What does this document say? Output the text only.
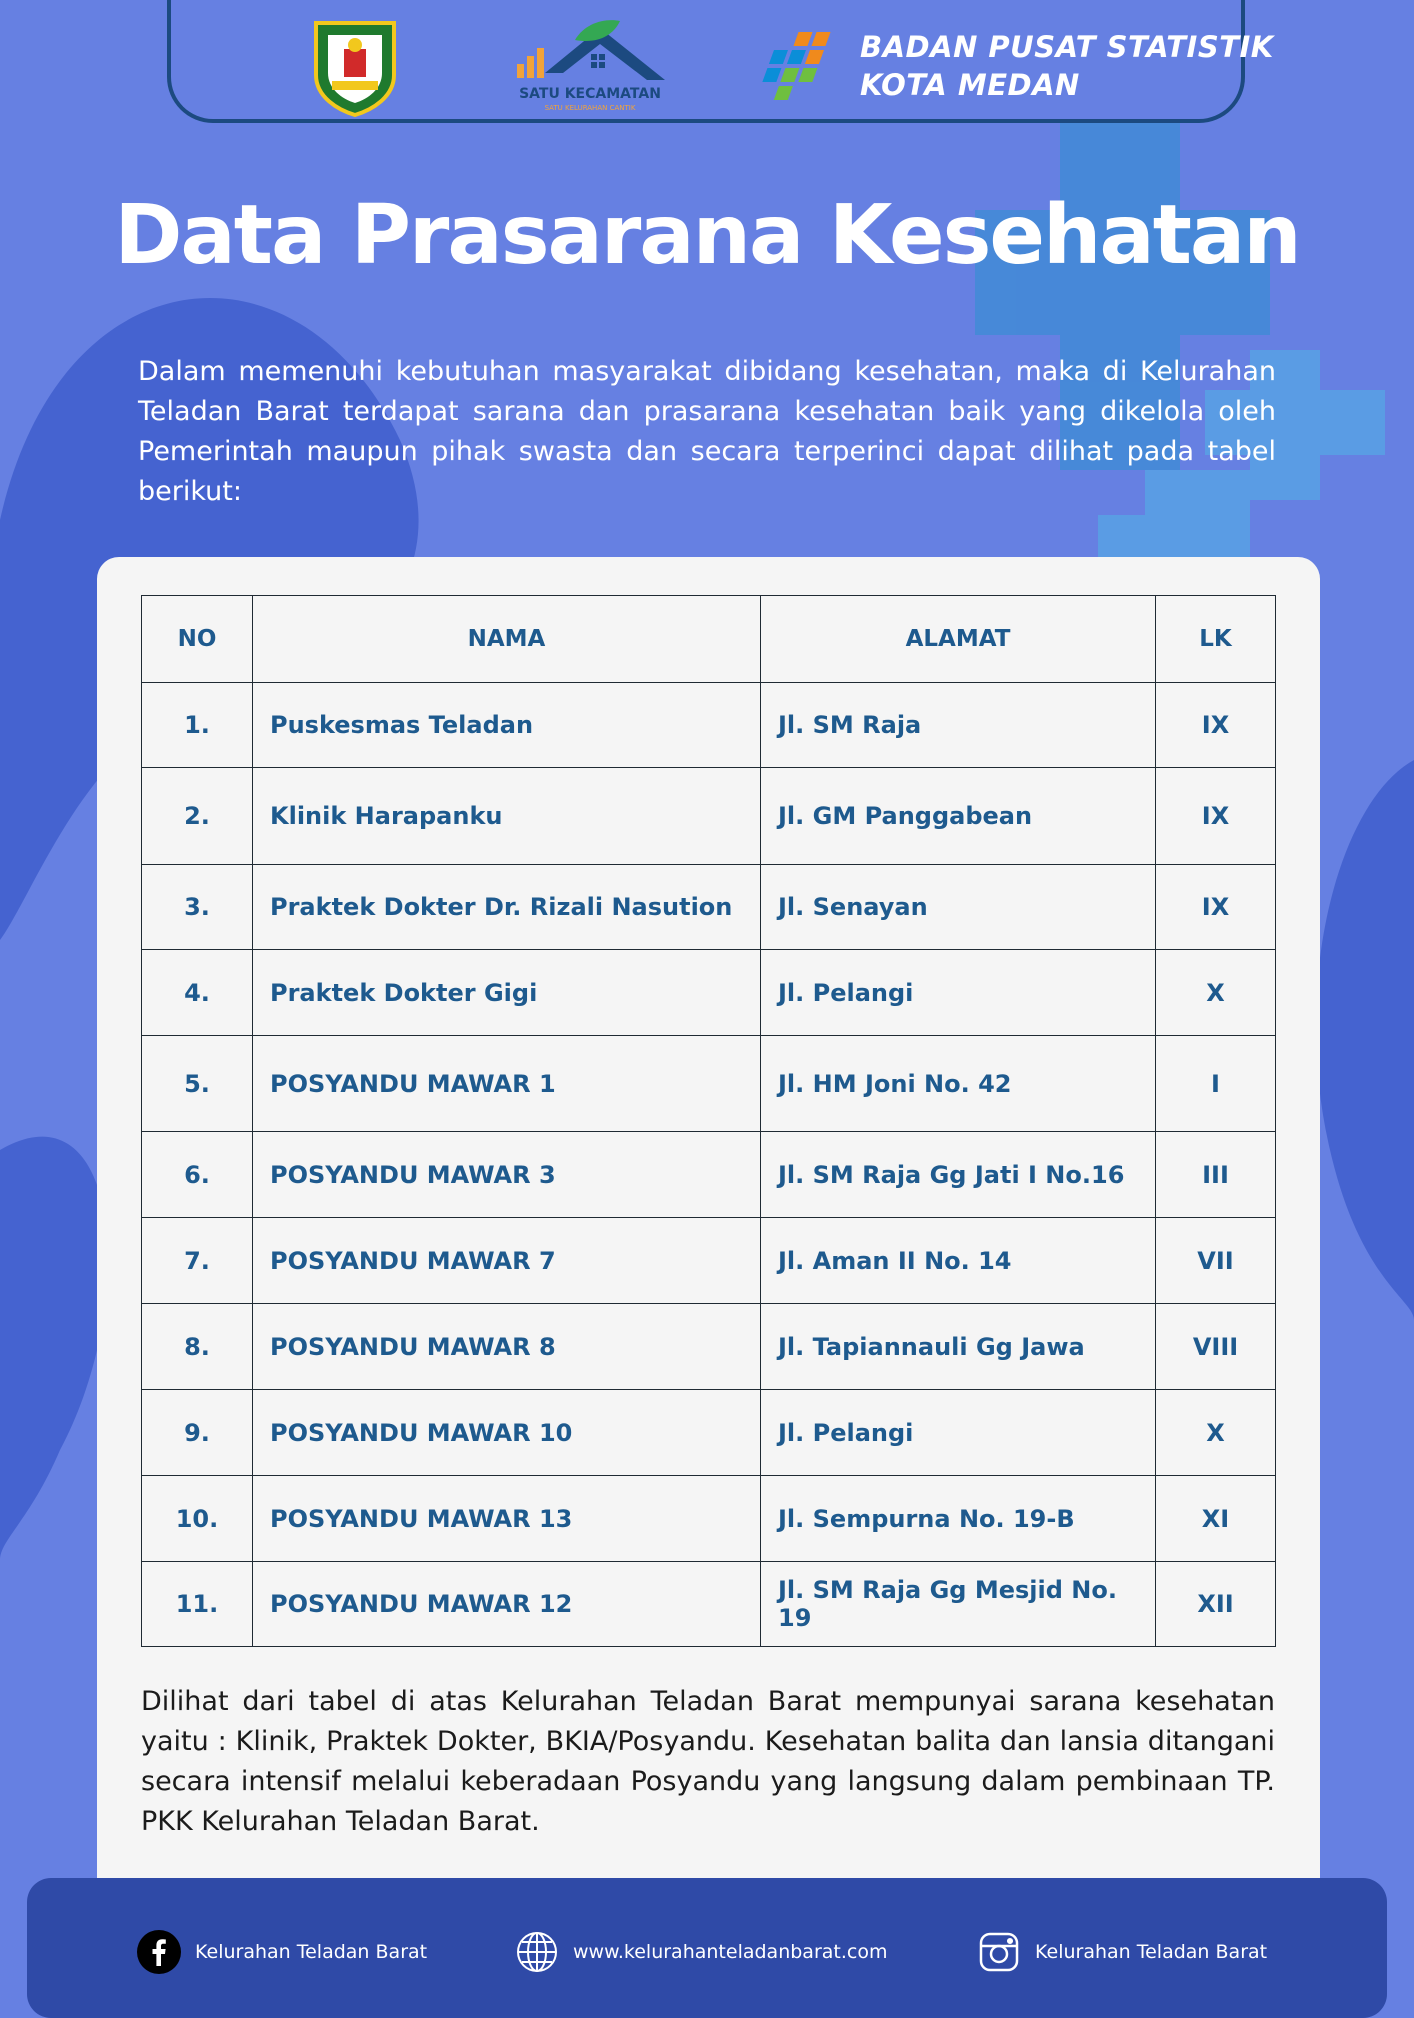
SATU KECAMATAN
SATU KELURAHAN CANTIK
BADAN PUSAT STATISTIK
KOTA MEDAN
Data Prasarana Kesehatan

Dalam memenuhi kebutuhan masyarakat dibidang kesehatan, maka di Kelurahan Teladan Barat terdapat sarana dan prasarana kesehatan baik yang dikelola oleh Pemerintah maupun pihak swasta dan secara terperinci dapat dilihat pada tabel berikut:

NO	NAMA	ALAMAT	LK
1.	Puskesmas Teladan	Jl. SM Raja	IX
2.	Klinik Harapanku	Jl. GM Panggabean	IX
3.	Praktek Dokter Dr. Rizali Nasution	Jl. Senayan	IX
4.	Praktek Dokter Gigi	Jl. Pelangi	X
5.	POSYANDU MAWAR 1	Jl. HM Joni No. 42	I
6.	POSYANDU MAWAR 3	Jl. SM Raja Gg Jati I No.16	III
7.	POSYANDU MAWAR 7	Jl. Aman II No. 14	VII
8.	POSYANDU MAWAR 8	Jl. Tapiannauli Gg Jawa	VIII
9.	POSYANDU MAWAR 10	Jl. Pelangi	X
10.	POSYANDU MAWAR 13	Jl. Sempurna No. 19-B	XI
11.	POSYANDU MAWAR 12	Jl. SM Raja Gg Mesjid No. 19	XII

Dilihat dari tabel di atas Kelurahan Teladan Barat mempunyai sarana kesehatan yaitu : Klinik, Praktek Dokter, BKIA/Posyandu. Kesehatan balita dan lansia ditangani secara intensif melalui keberadaan Posyandu yang langsung dalam pembinaan TP. PKK Kelurahan Teladan Barat.

Kelurahan Teladan Barat	www.kelurahanteladanbarat.com	Kelurahan Teladan Barat
